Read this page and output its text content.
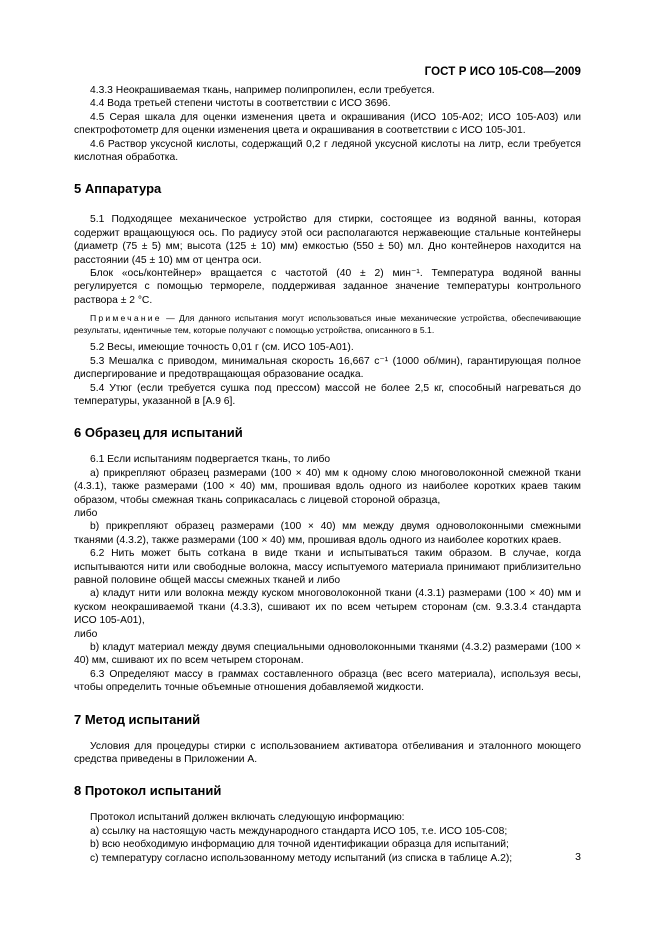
ГОСТ Р ИСО 105-С08—2009

4.3.3 Неокрашиваемая ткань, например полипропилен, если требуется.

4.4 Вода третьей степени чистоты в соответствии с ИСО 3696.

4.5 Серая шкала для оценки изменения цвета и окрашивания (ИСО 105-А02; ИСО 105-А03) или спектрофотометр для оценки изменения цвета и окрашивания в соответствии с ИСО 105-J01.

4.6 Раствор уксусной кислоты, содержащий 0,2 г ледяной уксусной кислоты на литр, если требуется кислотная обработка.

5 Аппаратура

5.1 Подходящее механическое устройство для стирки, состоящее из водяной ванны, которая содержит вращающуюся ось. По радиусу этой оси располагаются нержавеющие стальные контейнеры (диаметр (75 ± 5) мм; высота (125 ± 10) мм) емкостью (550 ± 50) мл. Дно контейнеров находится на расстоянии (45 ± 10) мм от центра оси.

Блок «ось/контейнер» вращается с частотой (40 ± 2) мин⁻¹. Температура водяной ванны регулируется с помощью термореле, поддерживая заданное значение температуры контрольного раствора ± 2 °С.

Примечание — Для данного испытания могут использоваться иные механические устройства, обеспечивающие результаты, идентичные тем, которые получают с помощью устройства, описанного в 5.1.

5.2 Весы, имеющие точность 0,01 г (см. ИСО 105-А01).

5.3 Мешалка с приводом, минимальная скорость 16,667 с⁻¹ (1000 об/мин), гарантирующая полное диспергирование и предотвращающая образование осадка.

5.4 Утюг (если требуется сушка под прессом) массой не более 2,5 кг, способный нагреваться до температуры, указанной в [А.9 6].

6 Образец для испытаний

6.1 Если испытаниям подвергается ткань, то либо

а) прикрепляют образец размерами (100 × 40) мм к одному слою многоволоконной смежной ткани (4.3.1), также размерами (100 × 40) мм, прошивая вдоль одного из наиболее коротких краев таким образом, чтобы смежная ткань соприкасалась с лицевой стороной образца,

либо

b) прикрепляют образец размерами (100 × 40) мм между двумя одноволоконными смежными тканями (4.3.2), также размерами (100 × 40) мм, прошивая вдоль одного из наиболее коротких краев.

6.2 Нить может быть сотkана в виде ткани и испытываться таким образом. В случае, когда испытываются нити или свободные волокна, массу испытуемого материала принимают приблизительно равной половине общей массы смежных тканей и либо

а) кладут нити или волокна между куском многоволоконной ткани (4.3.1) размерами (100 × 40) мм и куском неокрашиваемой ткани (4.3.3), сшивают их по всем четырем сторонам (см. 9.3.3.4 стандарта ИСО 105-А01),

либо

b) кладут материал между двумя специальными одноволоконными тканями (4.3.2) размерами (100 × 40) мм, сшивают их по всем четырем сторонам.

6.3 Определяют массу в граммах составленного образца (вес всего материала), используя весы, чтобы определить точные объемные отношения добавляемой жидкости.

7 Метод испытаний

Условия для процедуры стирки с использованием активатора отбеливания и эталонного моющего средства приведены в Приложении А.

8 Протокол испытаний

Протокол испытаний должен включать следующую информацию:

а) ссылку на настоящую часть международного стандарта ИСО 105, т.е. ИСО 105-С08;

b) всю необходимую информацию для точной идентификации образца для испытаний;

с) температуру согласно использованному методу испытаний (из списка в таблице А.2);	3
